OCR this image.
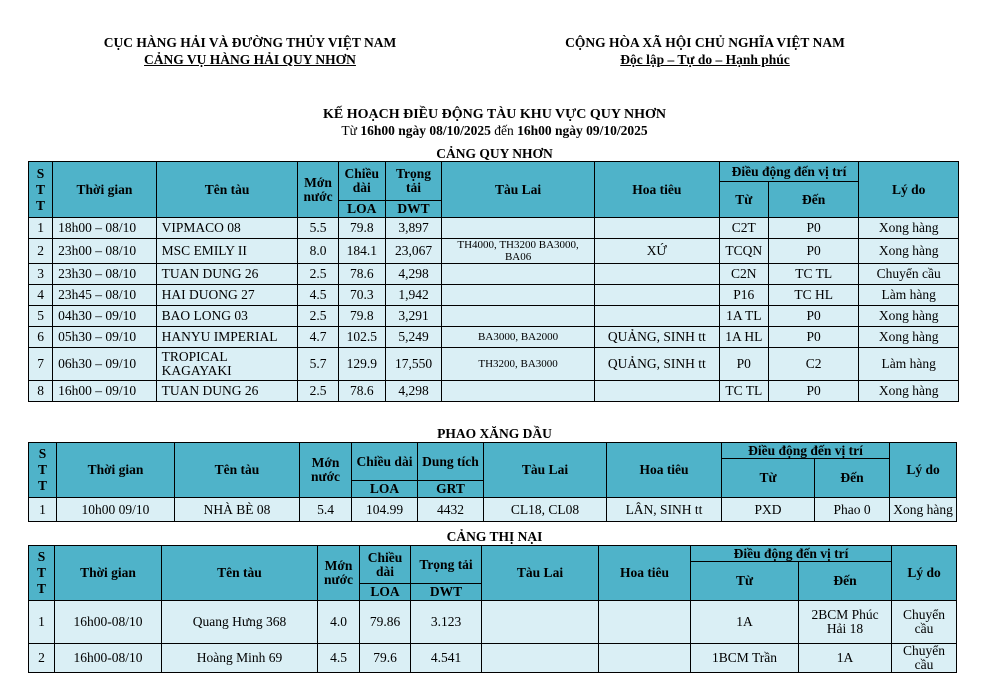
CỤC HÀNG HẢI VÀ ĐƯỜNG THỦY VIỆT NAM
CẢNG VỤ HÀNG HẢI QUY NHƠN
CỘNG HÒA XÃ HỘI CHỦ NGHĨA VIỆT NAM
Độc lập – Tự do – Hạnh phúc
KẾ HOẠCH ĐIỀU ĐỘNG TÀU KHU VỰC QUY NHƠN
Từ 16h00 ngày 08/10/2025 đến 16h00 ngày 09/10/2025
CẢNG QUY NHƠN
S
T
T	Thời gian	Tên tàu	Mớn nước	Chiều dài	Trọng tải	Tàu Lai	Hoa tiêu	Điều động đến vị trí		Lý do
								Từ	Đến	
				LOA	DWT					
1	18h00 – 08/10	VIPMACO 08	5.5	79.8	3,897			C2T	P0	Xong hàng
2	23h00 – 08/10	MSC EMILY II	8.0	184.1	23,067	TH4000, TH3200 BA3000, BA06	XỨ	TCQN	P0	Xong hàng
3	23h30 – 08/10	TUAN DUNG 26	2.5	78.6	4,298			C2N	TC TL	Chuyển cầu
4	23h45 – 08/10	HAI DUONG 27	4.5	70.3	1,942			P16	TC HL	Làm hàng
5	04h30 – 09/10	BAO LONG 03	2.5	79.8	3,291			1A TL	P0	Xong hàng
6	05h30 – 09/10	HANYU IMPERIAL	4.7	102.5	5,249	BA3000, BA2000	QUẢNG, SINH tt	1A HL	P0	Xong hàng
7	06h30 – 09/10	TROPICAL KAGAYAKI	5.7	129.9	17,550	TH3200, BA3000	QUẢNG, SINH tt	P0	C2	Làm hàng
8	16h00 – 09/10	TUAN DUNG 26	2.5	78.6	4,298			TC TL	P0	Xong hàng
PHAO XĂNG DẦU
S
T
T	Thời gian	Tên tàu	Mớn nước	Chiều dài	Dung tích	Tàu Lai	Hoa tiêu	Điều động đến vị trí		Lý do
								Từ	Đến	
				LOA	GRT					
1	10h00 09/10	NHÀ BÈ 08	5.4	104.99	4432	CL18, CL08	LÂN, SINH tt	PXD	Phao 0	Xong hàng
CẢNG THỊ NẠI
S
T
T	Thời gian	Tên tàu	Mớn nước	Chiều dài	Trọng tải	Tàu Lai	Hoa tiêu	Điều động đến vị trí		Lý do
								Từ	Đến	
				LOA	DWT					
1	16h00-08/10	Quang Hưng 368	4.0	79.86	3.123			1A	2BCM Phúc Hải 18	Chuyển cầu
2	16h00-08/10	Hoàng Minh 69	4.5	79.6	4.541			1BCM Trần	1A	Chuyển cầu
